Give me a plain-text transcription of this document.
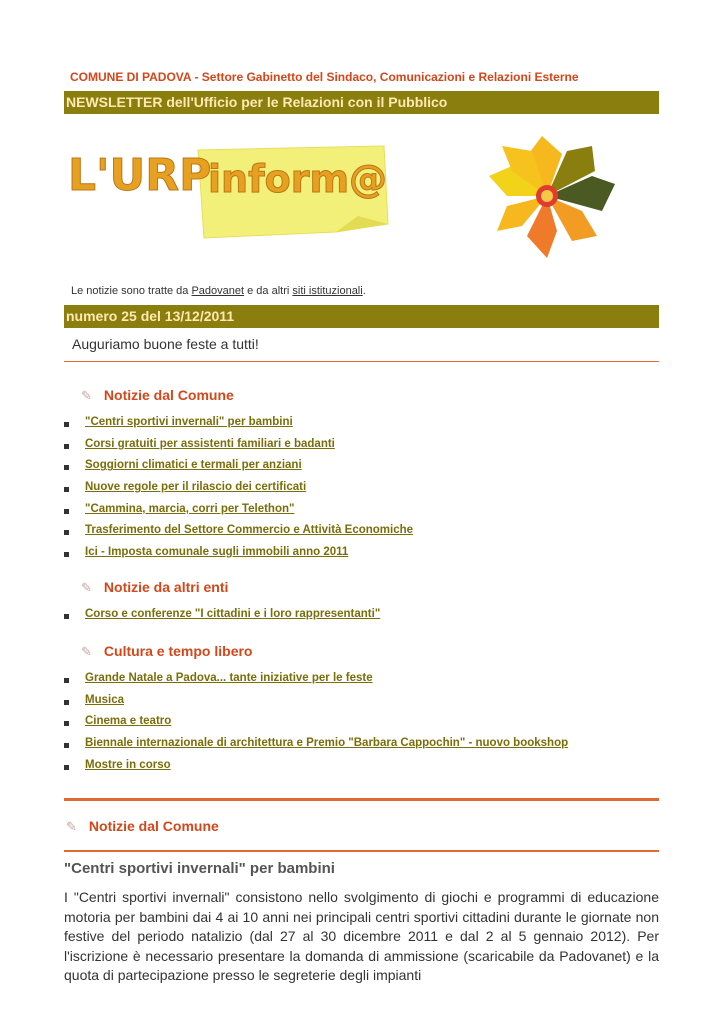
COMUNE DI PADOVA - Settore Gabinetto del Sindaco, Comunicazioni e Relazioni Esterne
NEWSLETTER dell'Ufficio per le Relazioni con il Pubblico
L'URP
inform@
Le notizie sono tratte da Padovanet e da altri siti istituzionali.
numero 25 del 13/12/2011
Auguriamo buone feste a tutti!
✎ Notizie dal Comune
"Centri sportivi invernali" per bambini
Corsi gratuiti per assistenti familiari e badanti
Soggiorni climatici e termali per anziani
Nuove regole per il rilascio dei certificati
"Cammina, marcia, corri per Telethon"
Trasferimento del Settore Commercio e Attività Economiche
Ici - Imposta comunale sugli immobili anno 2011
✎ Notizie da altri enti
Corso e conferenze "I cittadini e i loro rappresentanti"
✎ Cultura e tempo libero
Grande Natale a Padova... tante iniziative per le feste
Musica
Cinema e teatro
Biennale internazionale di architettura e Premio "Barbara Cappochin" - nuovo bookshop
Mostre in corso
✎ Notizie dal Comune
"Centri sportivi invernali" per bambini
I "Centri sportivi invernali" consistono nello svolgimento di giochi e programmi di educazione motoria per bambini dai 4 ai 10 anni nei principali centri sportivi cittadini durante le giornate non festive del periodo natalizio (dal 27 al 30 dicembre 2011 e dal 2 al 5 gennaio 2012). Per l'iscrizione è necessario presentare la domanda di ammissione (scaricabile da Padovanet) e la quota di partecipazione presso le segreterie degli impianti
